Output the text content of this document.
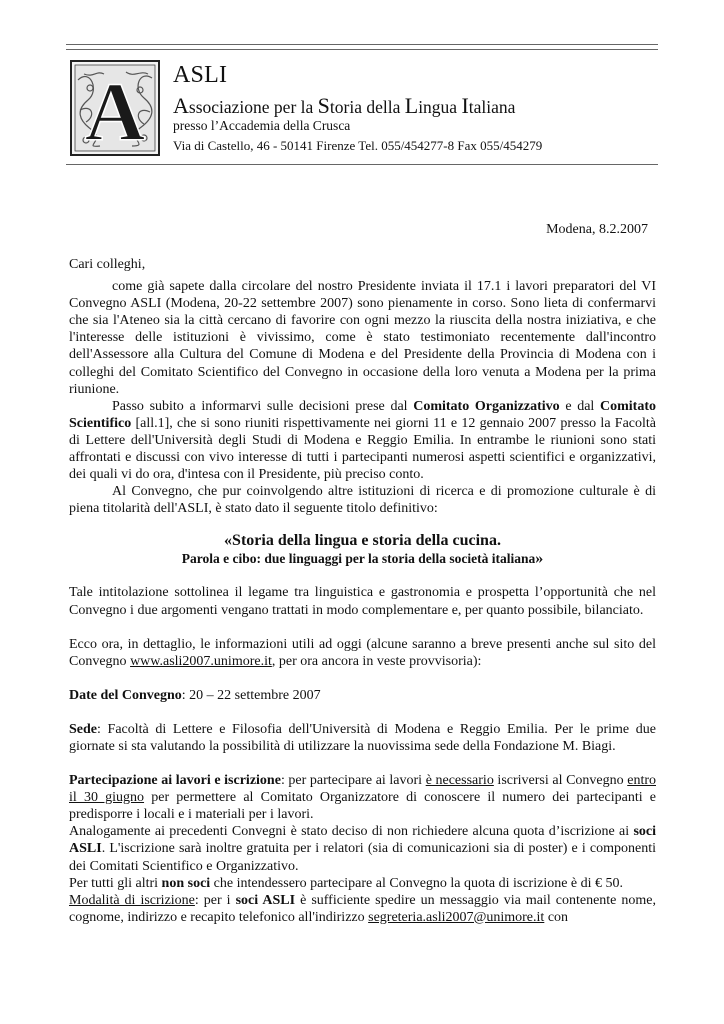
A ASLI
Associazione per la Storia della Lingua Italiana
presso l’Accademia della Crusca
Via di Castello, 46 - 50141 Firenze Tel. 055/454277-8 Fax 055/454279
Modena, 8.2.2007

Cari colleghi,

come già sapete dalla circolare del nostro Presidente inviata il 17.1 i lavori preparatori del VI Convegno ASLI (Modena, 20-22 settembre 2007) sono pienamente in corso. Sono lieta di confermarvi che sia l'Ateneo sia la città cercano di favorire con ogni mezzo la riuscita della nostra iniziativa, e che l'interesse delle istituzioni è vivissimo, come è stato testimoniato recentemente dall'incontro dell'Assessore alla Cultura del Comune di Modena e del Presidente della Provincia di Modena con i colleghi del Comitato Scientifico del Convegno in occasione della loro venuta a Modena per la prima riunione.

Passo subito a informarvi sulle decisioni prese dal Comitato Organizzativo e dal Comitato Scientifico [all.1], che si sono riuniti rispettivamente nei giorni 11 e 12 gennaio 2007 presso la Facoltà di Lettere dell'Università degli Studi di Modena e Reggio Emilia. In entrambe le riunioni sono stati affrontati e discussi con vivo interesse di tutti i partecipanti numerosi aspetti scientifici e organizzativi, dei quali vi do ora, d'intesa con il Presidente, più preciso conto.

Al Convegno, che pur coinvolgendo altre istituzioni di ricerca e di promozione culturale è di piena titolarità dell'ASLI, è stato dato il seguente titolo definitivo:

«Storia della lingua e storia della cucina.

Parola e cibo: due linguaggi per la storia della società italiana»

Tale intitolazione sottolinea il legame tra linguistica e gastronomia e prospetta l’opportunità che nel Convegno i due argomenti vengano trattati in modo complementare e, per quanto possibile, bilanciato.

Ecco ora, in dettaglio, le informazioni utili ad oggi (alcune saranno a breve presenti anche sul sito del Convegno www.asli2007.unimore.it, per ora ancora in veste provvisoria):

Date del Convegno: 20 – 22 settembre 2007

Sede: Facoltà di Lettere e Filosofia dell'Università di Modena e Reggio Emilia. Per le prime due giornate si sta valutando la possibilità di utilizzare la nuovissima sede della Fondazione M. Biagi.

Partecipazione ai lavori e iscrizione: per partecipare ai lavori è necessario iscriversi al Convegno entro il 30 giugno per permettere al Comitato Organizzatore di conoscere il numero dei partecipanti e predisporre i locali e i materiali per i lavori.

Analogamente ai precedenti Convegni è stato deciso di non richiedere alcuna quota d’iscrizione ai soci ASLI. L'iscrizione sarà inoltre gratuita per i relatori (sia di comunicazioni sia di poster) e i componenti dei Comitati Scientifico e Organizzativo.

Per tutti gli altri non soci che intendessero partecipare al Convegno la quota di iscrizione è di € 50.

Modalità di iscrizione: per i soci ASLI è sufficiente spedire un messaggio via mail contenente nome, cognome, indirizzo e recapito telefonico all'indirizzo segreteria.asli2007@unimore.it con
